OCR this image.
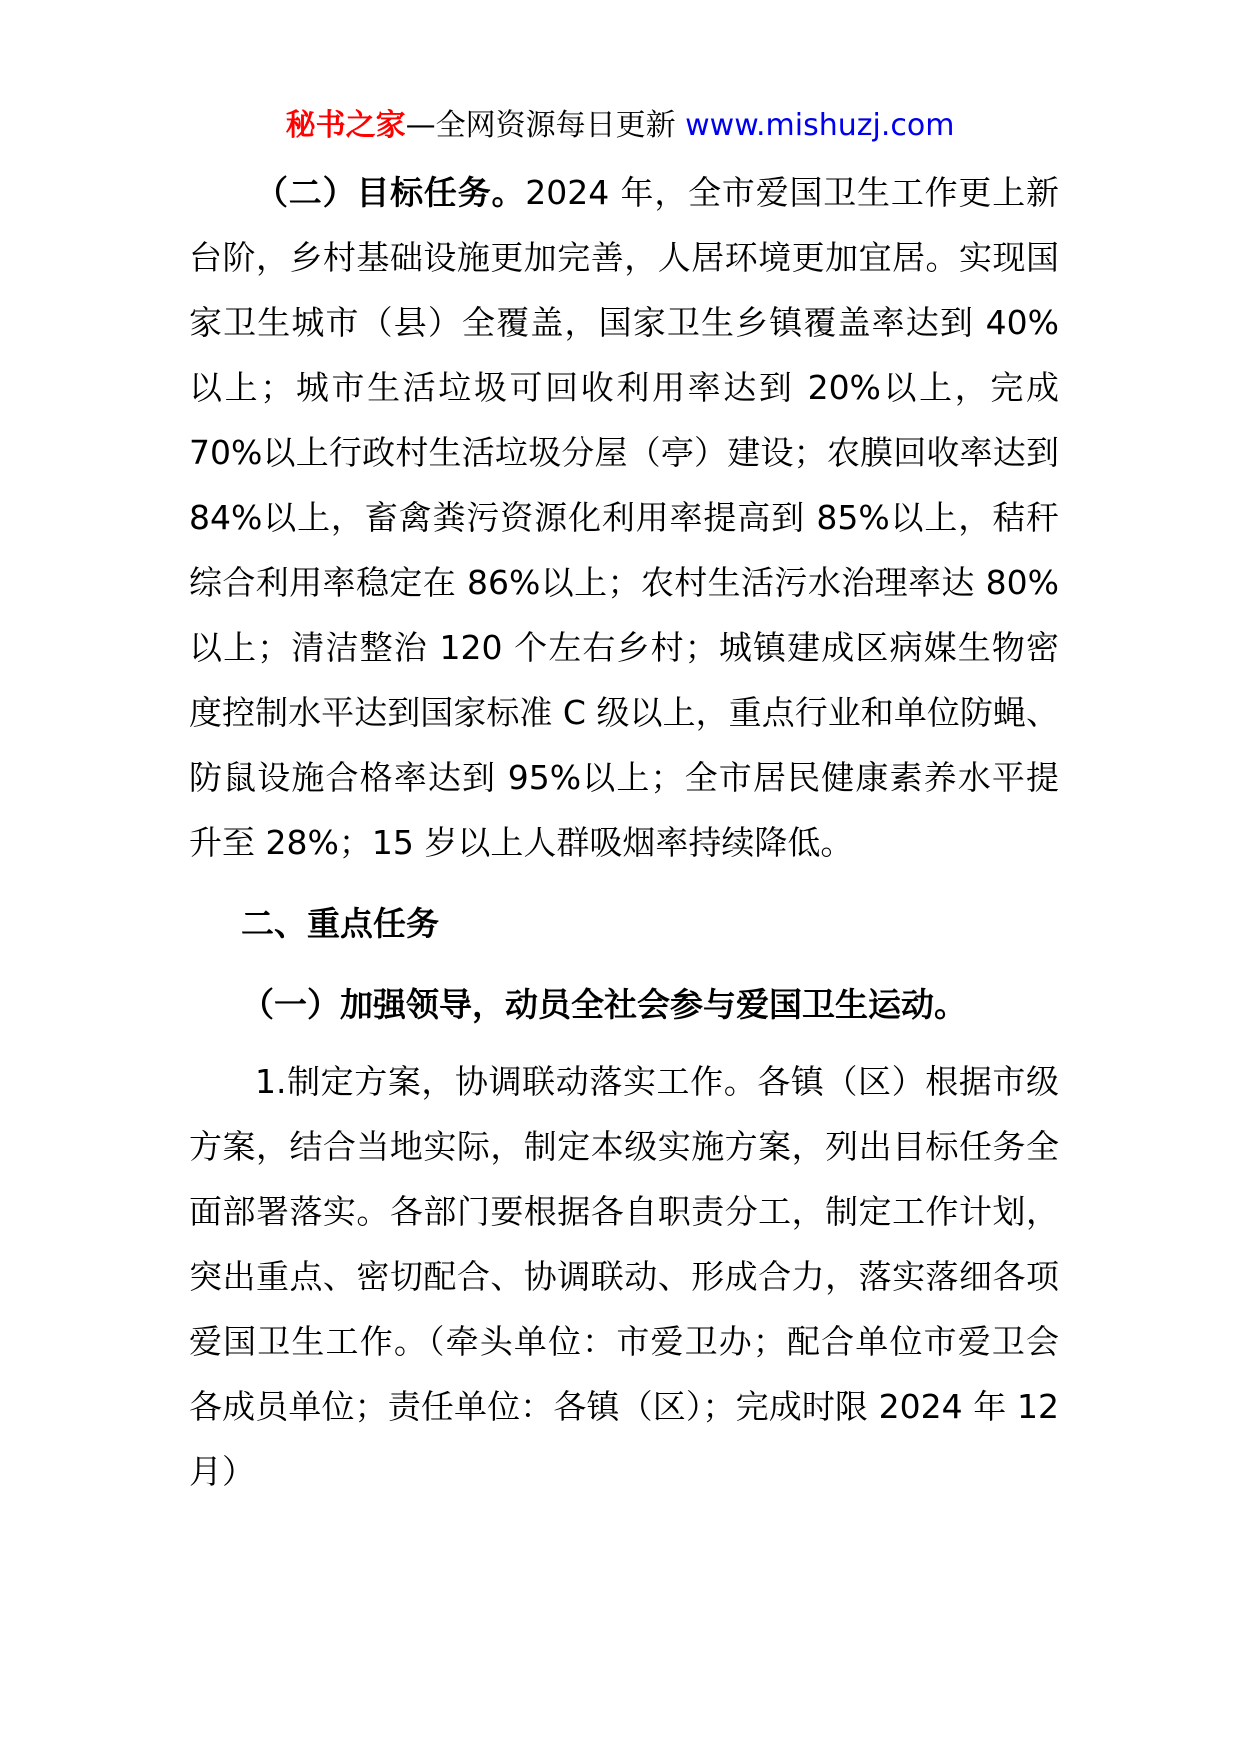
秘书之家—全网资源每日更新 www.mishuzj.com

（二）目标任务。2024 年，全市爱国卫生工作更上新台阶，乡村基础设施更加完善，人居环境更加宜居。实现国家卫生城市（县）全覆盖，国家卫生乡镇覆盖率达到 40%以上；城市生活垃圾可回收利用率达到 20%以上，完成 70%以上行政村生活垃圾分屋（亭）建设；农膜回收率达到 84%以上，畜禽粪污资源化利用率提高到 85%以上，秸秆综合利用率稳定在 86%以上；农村生活污水治理率达 80%以上；清洁整治 120 个左右乡村；城镇建成区病媒生物密度控制水平达到国家标准 C 级以上，重点行业和单位防蝇、防鼠设施合格率达到 95%以上；全市居民健康素养水平提升至 28%；15 岁以上人群吸烟率持续降低。

二、重点任务

（一）加强领导，动员全社会参与爱国卫生运动。

1.制定方案，协调联动落实工作。各镇（区）根据市级方案，结合当地实际，制定本级实施方案，列出目标任务全面部署落实。各部门要根据各自职责分工，制定工作计划，突出重点、密切配合、协调联动、形成合力，落实落细各项爱国卫生工作。（牵头单位：市爱卫办；配合单位市爱卫会各成员单位；责任单位：各镇（区）；完成时限 2024 年 12 月）
